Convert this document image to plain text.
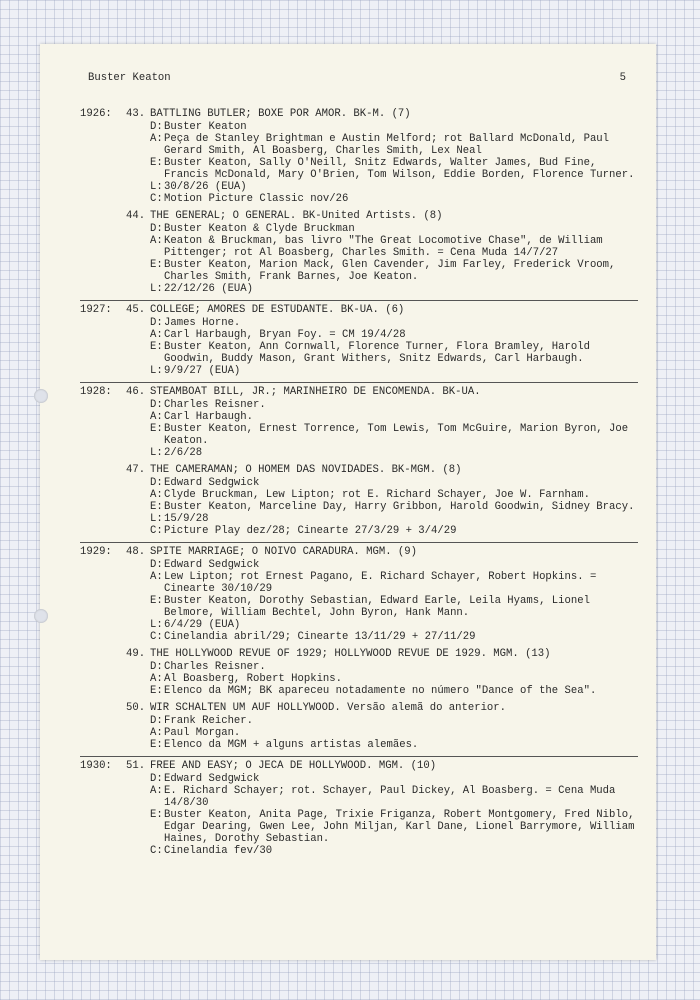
Buster Keaton	5
1926: 43. BATTLING BUTLER; BOXE POR AMOR. BK-M. (7)
D: Buster Keaton
A: Peça de Stanley Brightman e Austin Melford; rot Ballard McDonald, Paul Gerard Smith, Al Boasberg, Charles Smith, Lex Neal
E: Buster Keaton, Sally O'Neill, Snitz Edwards, Walter James, Bud Fine, Francis McDonald, Mary O'Brien, Tom Wilson, Eddie Borden, Florence Turner.
L: 30/8/26 (EUA)
C: Motion Picture Classic nov/26
44. THE GENERAL; O GENERAL. BK-United Artists. (8)
D: Buster Keaton & Clyde Bruckman
A: Keaton & Bruckman, bas livro "The Great Locomotive Chase", de William Pittenger; rot Al Boasberg, Charles Smith. = Cena Muda 14/7/27
E: Buster Keaton, Marion Mack, Glen Cavender, Jim Farley, Frederick Vroom, Charles Smith, Frank Barnes, Joe Keaton.
L: 22/12/26 (EUA)
1927: 45. COLLEGE; AMORES DE ESTUDANTE. BK-UA. (6)
D: James Horne.
A: Carl Harbaugh, Bryan Foy. = CM 19/4/28
E: Buster Keaton, Ann Cornwall, Florence Turner, Flora Bramley, Harold Goodwin, Buddy Mason, Grant Withers, Snitz Edwards, Carl Harbaugh.
L: 9/9/27 (EUA)
1928: 46. STEAMBOAT BILL, JR.; MARINHEIRO DE ENCOMENDA. BK-UA.
D: Charles Reisner.
A: Carl Harbaugh.
E: Buster Keaton, Ernest Torrence, Tom Lewis, Tom McGuire, Marion Byron, Joe Keaton.
L: 2/6/28
47. THE CAMERAMAN; O HOMEM DAS NOVIDADES. BK-MGM. (8)
D: Edward Sedgwick
A: Clyde Bruckman, Lew Lipton; rot E. Richard Schayer, Joe W. Farnham.
E: Buster Keaton, Marceline Day, Harry Gribbon, Harold Goodwin, Sidney Bracy.
L: 15/9/28
C: Picture Play dez/28; Cinearte 27/3/29 + 3/4/29
1929: 48. SPITE MARRIAGE; O NOIVO CARADURA. MGM. (9)
D: Edward Sedgwick
A: Lew Lipton; rot Ernest Pagano, E. Richard Schayer, Robert Hopkins. = Cinearte 30/10/29
E: Buster Keaton, Dorothy Sebastian, Edward Earle, Leila Hyams, Lionel Belmore, William Bechtel, John Byron, Hank Mann.
L: 6/4/29 (EUA)
C: Cinelandia abril/29; Cinearte 13/11/29 + 27/11/29
49. THE HOLLYWOOD REVUE OF 1929; HOLLYWOOD REVUE DE 1929. MGM. (13)
D: Charles Reisner.
A: Al Boasberg, Robert Hopkins.
E: Elenco da MGM; BK apareceu notadamente no número "Dance of the Sea".
50. WIR SCHALTEN UM AUF HOLLYWOOD. Versão alemã do anterior.
D: Frank Reicher.
A: Paul Morgan.
E: Elenco da MGM + alguns artistas alemães.
1930: 51. FREE AND EASY; O JECA DE HOLLYWOOD. MGM. (10)
D: Edward Sedgwick
A: E. Richard Schayer; rot. Schayer, Paul Dickey, Al Boasberg. = Cena Muda 14/8/30
E: Buster Keaton, Anita Page, Trixie Friganza, Robert Montgomery, Fred Niblo, Edgar Dearing, Gwen Lee, John Miljan, Karl Dane, Lionel Barrymore, William Haines, Dorothy Sebastian.
C: Cinelandia fev/30
